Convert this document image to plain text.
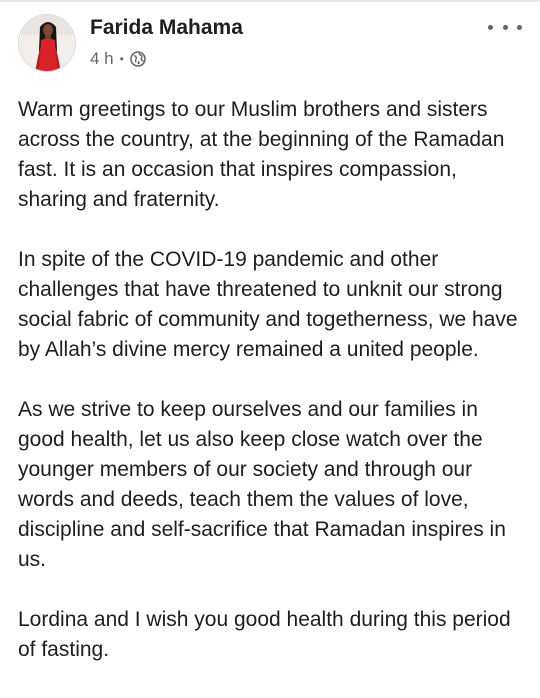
Farida Mahama
4 h •

Warm greetings to our Muslim brothers and sisters across the country, at the beginning of the Ramadan fast. It is an occasion that inspires compassion, sharing and fraternity.

In spite of the COVID-19 pandemic and other challenges that have threatened to unknit our strong social fabric of community and togetherness, we have by Allah’s divine mercy remained a united people.

As we strive to keep ourselves and our families in good health, let us also keep close watch over the younger members of our society and through our words and deeds, teach them the values of love, discipline and self-sacrifice that Ramadan inspires in us.

Lordina and I wish you good health during this period of fasting.
